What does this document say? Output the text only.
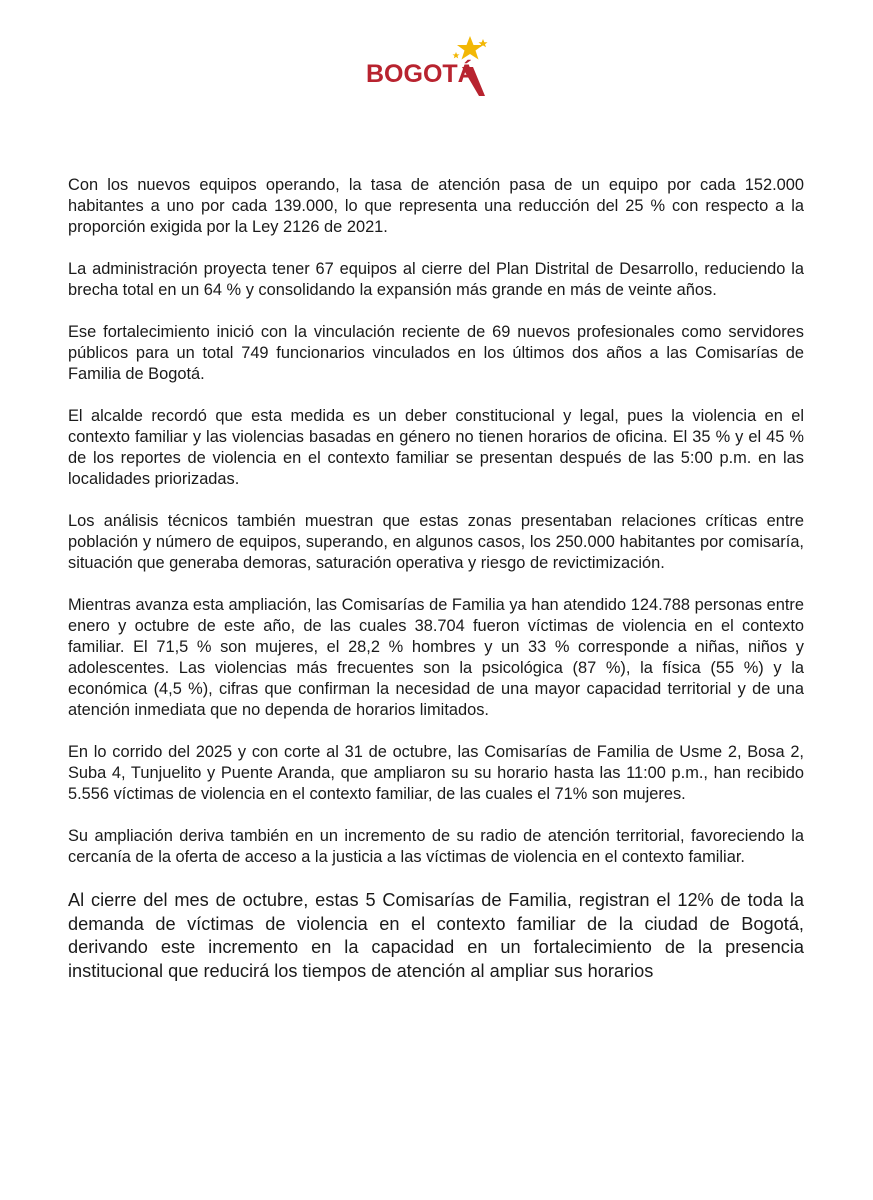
BOGOTÁ

Con los nuevos equipos operando, la tasa de atención pasa de un equipo por cada 152.000 habitantes a uno por cada 139.000, lo que representa una reducción del 25 % con respecto a la proporción exigida por la Ley 2126 de 2021.

La administración proyecta tener 67 equipos al cierre del Plan Distrital de Desarrollo, reduciendo la brecha total en un 64 % y consolidando la expansión más grande en más de veinte años.

Ese fortalecimiento inició con la vinculación reciente de 69 nuevos profesionales como servidores públicos para un total 749 funcionarios vinculados en los últimos dos años a las Comisarías de Familia de Bogotá.

El alcalde recordó que esta medida es un deber constitucional y legal, pues la violencia en el contexto familiar y las violencias basadas en género no tienen horarios de oficina. El 35 % y el 45 % de los reportes de violencia en el contexto familiar se presentan después de las 5:00 p.m. en las localidades priorizadas.

Los análisis técnicos también muestran que estas zonas presentaban relaciones críticas entre población y número de equipos, superando, en algunos casos, los 250.000 habitantes por comisaría, situación que generaba demoras, saturación operativa y riesgo de revictimización.

Mientras avanza esta ampliación, las Comisarías de Familia ya han atendido 124.788 personas entre enero y octubre de este año, de las cuales 38.704 fueron víctimas de violencia en el contexto familiar. El 71,5 % son mujeres, el 28,2 % hombres y un 33 % corresponde a niñas, niños y adolescentes. Las violencias más frecuentes son la psicológica (87 %), la física (55 %) y la económica (4,5 %), cifras que confirman la necesidad de una mayor capacidad territorial y de una atención inmediata que no dependa de horarios limitados.

En lo corrido del 2025 y con corte al 31 de octubre, las Comisarías de Familia de Usme 2, Bosa 2, Suba 4, Tunjuelito y Puente Aranda, que ampliaron su su horario hasta las 11:00 p.m., han recibido 5.556 víctimas de violencia en el contexto familiar, de las cuales el 71% son mujeres.

Su ampliación deriva también en un incremento de su radio de atención territorial, favoreciendo la cercanía de la oferta de acceso a la justicia a las víctimas de violencia en el contexto familiar.

Al cierre del mes de octubre, estas 5 Comisarías de Familia, registran el 12% de toda la demanda de víctimas de violencia en el contexto familiar de la ciudad de Bogotá, derivando este incremento en la capacidad en un fortalecimiento de la presencia institucional que reducirá los tiempos de atención al ampliar sus horarios
